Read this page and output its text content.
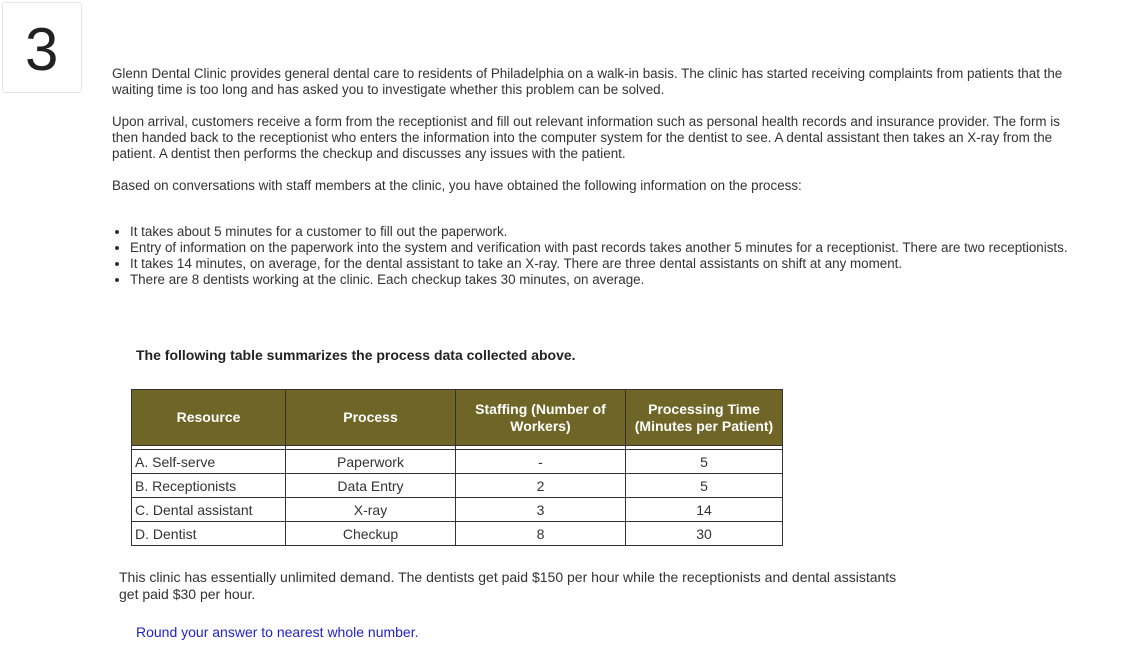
3	Glenn Dental Clinic provides general dental care to residents of Philadelphia on a walk-in basis. The clinic has started receiving complaints from patients that the waiting time is too long and has asked you to investigate whether this problem can be solved.

Upon arrival, customers receive a form from the receptionist and fill out relevant information such as personal health records and insurance provider. The form is then handed back to the receptionist who enters the information into the computer system for the dentist to see. A dental assistant then takes an X-ray from the patient. A dentist then performs the checkup and discusses any issues with the patient.

Based on conversations with staff members at the clinic, you have obtained the following information on the process:

• It takes about 5 minutes for a customer to fill out the paperwork.
• Entry of information on the paperwork into the system and verification with past records takes another 5 minutes for a receptionist. There are two receptionists.
• It takes 14 minutes, on average, for the dental assistant to take an X-ray. There are three dental assistants on shift at any moment.
• There are 8 dentists working at the clinic. Each checkup takes 30 minutes, on average.
The following table summarizes the process data collected above.
Resource	Process	Staffing (Number of Workers)	Processing Time (Minutes per Patient)

A. Self-serve	Paperwork	-	5
B. Receptionists	Data Entry	2	5
C. Dental assistant	X-ray	3	14
D. Dentist	Checkup	8	30

This clinic has essentially unlimited demand. The dentists get paid $150 per hour while the receptionists and dental assistants get paid $30 per hour.

Round your answer to nearest whole number.
